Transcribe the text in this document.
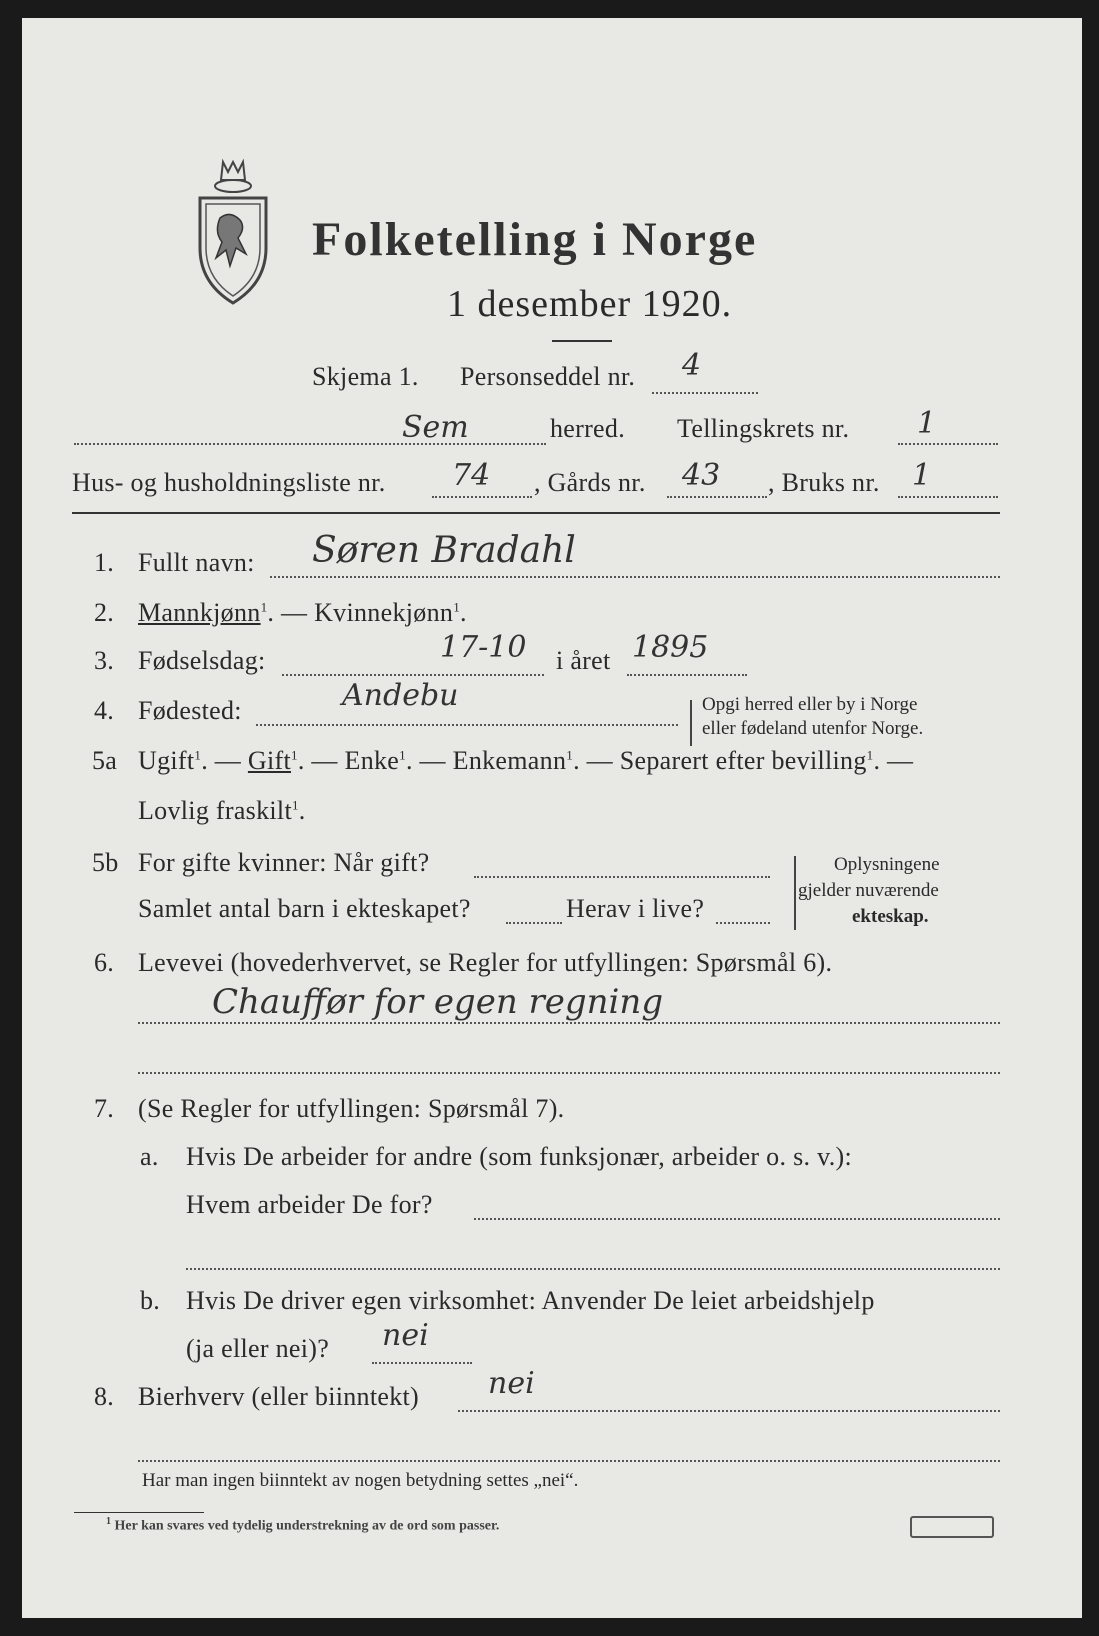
Folketelling i Norge
1 desember 1920.
Skjema 1. Personseddel nr. 4
Sem	herred. Tellingskrets nr. 1
Hus- og husholdningsliste nr. 74 , Gårds nr. 43 , Bruks nr. 1
1. Fullt navn: Søren Bradahl
2. Mannkjønn$^1$. — Kvinnekjønn$^1$.
3. Fødselsdag:	17-10 i året 1895
4. Fødested:	Andebu	Opgi herred eller by i Norge
eller fødeland utenfor Norge.
5a Ugift$^1$. — Gift$^1$. — Enke$^1$. — Enkemann$^1$. — Separert efter bevilling$^1$. —
Lovlig fraskilt$^1$.
5b For gifte kvinner: Når gift?
Samlet antal barn i ekteskapet?	Herav i live?
Oplysningene
gjelder nuværende
ekteskap.
6. Levevei (hovederhvervet, se Regler for utfyllingen: Spørsmål 6).
Chauffør for egen regning
7. (Se Regler for utfyllingen: Spørsmål 7).
a. Hvis De arbeider for andre (som funksjonær, arbeider o. s. v.):
Hvem arbeider De for?
b. Hvis De driver egen virksomhet: Anvender De leiet arbeidshjelp
(ja eller nei)? nei
8. Bierhverv (eller biinntekt) nei
Har man ingen biinntekt av nogen betydning settes „nei“.
$^1$ Her kan svares ved tydelig understrekning av de ord som passer.
